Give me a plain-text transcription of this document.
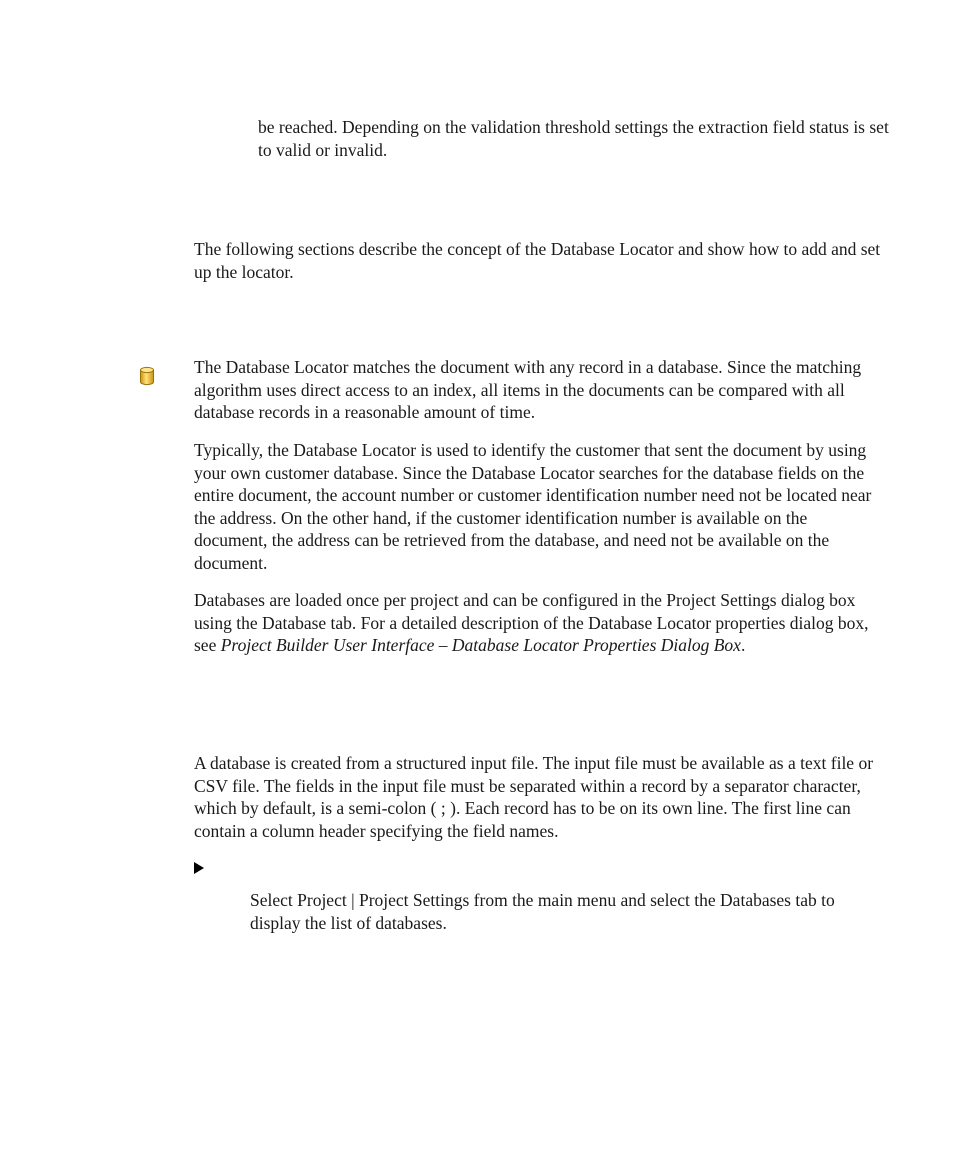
be reached. Depending on the validation threshold settings the extraction field status is set to valid or invalid.

The following sections describe the concept of the Database Locator and show how to add and set up the locator.

The Database Locator matches the document with any record in a database. Since the matching algorithm uses direct access to an index, all items in the documents can be compared with all database records in a reasonable amount of time.

Typically, the Database Locator is used to identify the customer that sent the document by using your own customer database. Since the Database Locator searches for the database fields on the entire document, the account number or customer identification number need not be located near the address. On the other hand, if the customer identification number is available on the document, the address can be retrieved from the database, and need not be available on the document.

Databases are loaded once per project and can be configured in the Project Settings dialog box using the Database tab. For a detailed description of the Database Locator properties dialog box, see Project Builder User Interface – Database Locator Properties Dialog Box.

A database is created from a structured input file. The input file must be available as a text file or CSV file. The fields in the input file must be separated within a record by a separator character, which by default, is a semi-colon ( ; ). Each record has to be on its own line. The first line can contain a column header specifying the field names.

Select Project | Project Settings from the main menu and select the Databases tab to display the list of databases.
